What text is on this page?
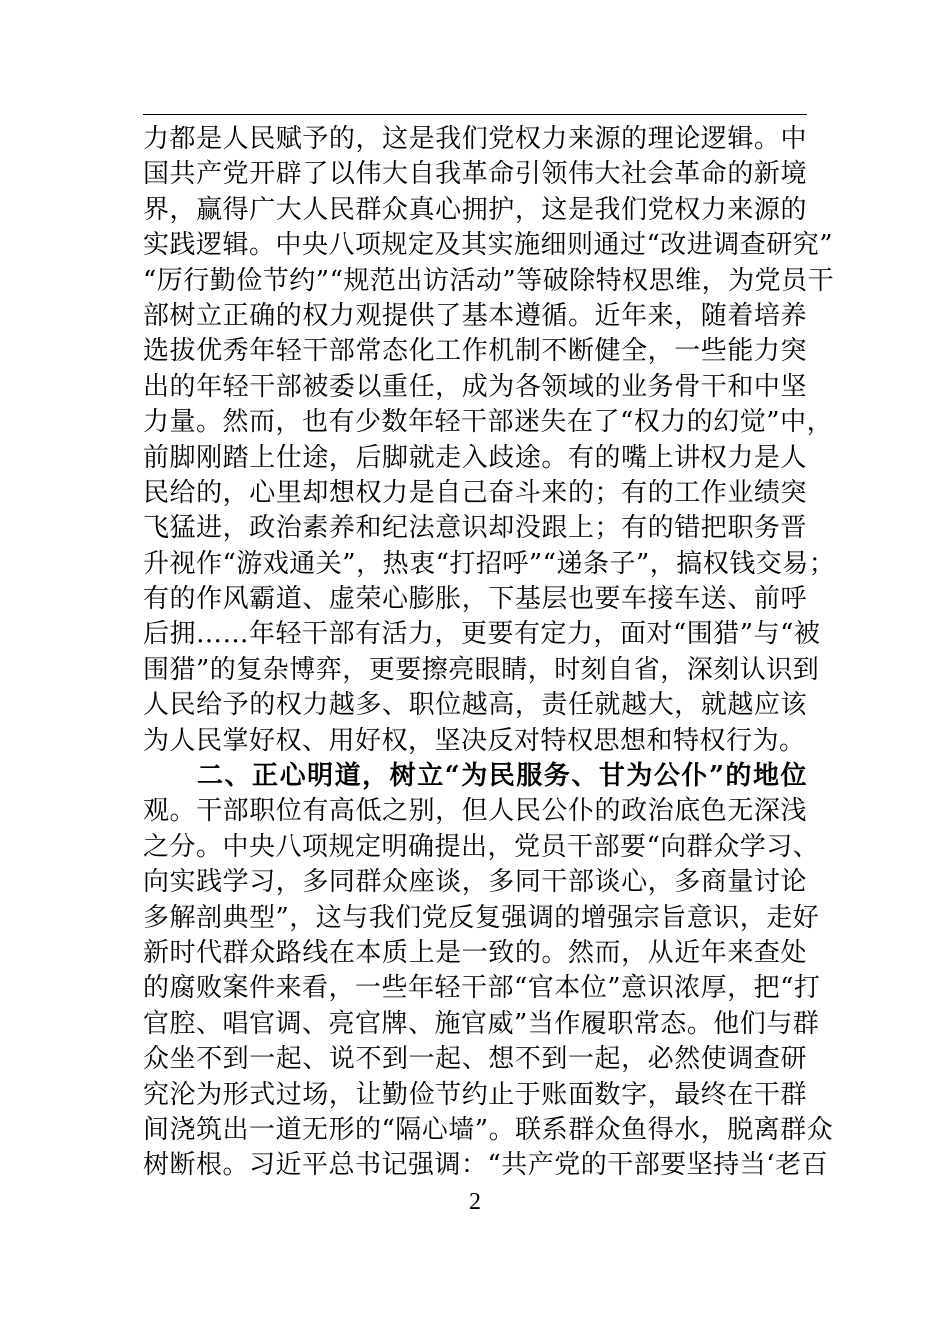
力都是人民赋予的，这是我们党权力来源的理论逻辑。中
国共产党开辟了以伟大自我革命引领伟大社会革命的新境
界，赢得广大人民群众真心拥护，这是我们党权力来源的
实践逻辑。中央八项规定及其实施细则通过“改进调查研究”
“厉行勤俭节约”“规范出访活动”等破除特权思维，为党员干
部树立正确的权力观提供了基本遵循。近年来，随着培养
选拔优秀年轻干部常态化工作机制不断健全，一些能力突
出的年轻干部被委以重任，成为各领域的业务骨干和中坚
力量。然而，也有少数年轻干部迷失在了“权力的幻觉”中，
前脚刚踏上仕途，后脚就走入歧途。有的嘴上讲权力是人
民给的，心里却想权力是自己奋斗来的；有的工作业绩突
飞猛进，政治素养和纪法意识却没跟上；有的错把职务晋
升视作“游戏通关”，热衷“打招呼”“递条子”，搞权钱交易；
有的作风霸道、虚荣心膨胀，下基层也要车接车送、前呼
后拥……年轻干部有活力，更要有定力，面对“围猎”与“被
围猎”的复杂博弈，更要擦亮眼睛，时刻自省，深刻认识到
人民给予的权力越多、职位越高，责任就越大，就越应该
为人民掌好权、用好权，坚决反对特权思想和特权行为。
二、正心明道，树立“为民服务、甘为公仆”的地位
观。干部职位有高低之别，但人民公仆的政治底色无深浅
之分。中央八项规定明确提出，党员干部要“向群众学习、
向实践学习，多同群众座谈，多同干部谈心，多商量讨论
多解剖典型”，这与我们党反复强调的增强宗旨意识，走好
新时代群众路线在本质上是一致的。然而，从近年来查处
的腐败案件来看，一些年轻干部“官本位”意识浓厚，把“打
官腔、唱官调、亮官牌、施官威”当作履职常态。他们与群
众坐不到一起、说不到一起、想不到一起，必然使调查研
究沦为形式过场，让勤俭节约止于账面数字，最终在干群
间浇筑出一道无形的“隔心墙”。联系群众鱼得水，脱离群众
树断根。习近平总书记强调：“共产党的干部要坚持当‘老百
2
